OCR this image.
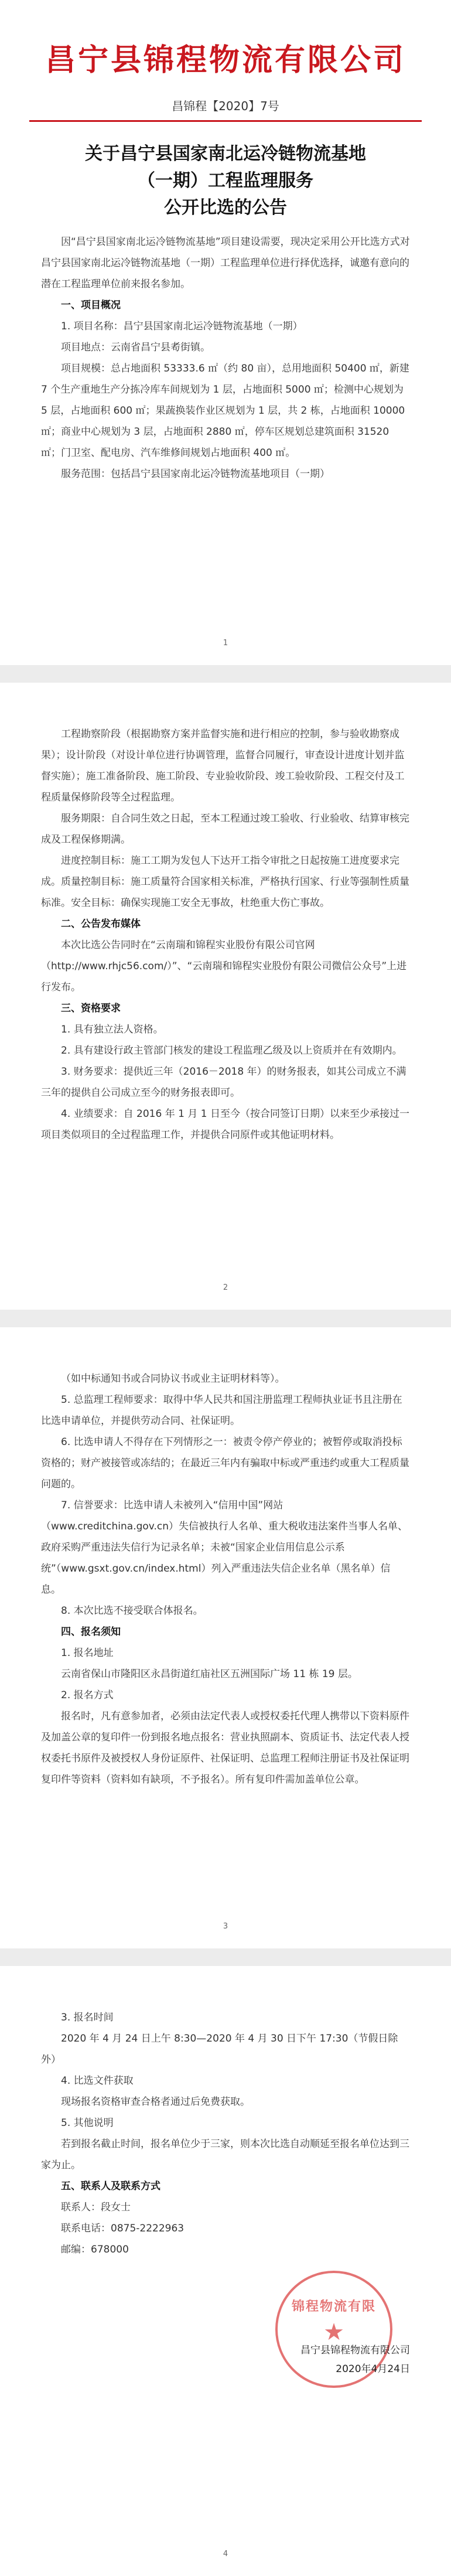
昌宁县锦程物流有限公司
昌锦程【2020】7号
关于昌宁县国家南北运冷链物流基地
（一期）工程监理服务
公开比选的公告

因“昌宁县国家南北运冷链物流基地”项目建设需要，现决定采用公开比选方式对昌宁县国家南北运冷链物流基地（一期）工程监理单位进行择优选择，诚邀有意向的潜在工程监理单位前来报名参加。

一、项目概况

1. 项目名称：昌宁县国家南北运冷链物流基地（一期）

项目地点：云南省昌宁县耇街镇。

项目规模：总占地面积 53333.6 ㎡（约 80 亩），总用地面积 50400 ㎡，新建 7 个生产重地生产分拣冷库车间规划为 1 层，占地面积 5000 ㎡；检测中心规划为 5 层，占地面积 600 ㎡；果蔬换装作业区规划为 1 层，共 2 栋，占地面积 10000 ㎡；商业中心规划为 3 层，占地面积 2880 ㎡，停车区规划总建筑面积 31520 ㎡；门卫室、配电房、汽车维修间规划占地面积 400 ㎡。

服务范围：包括昌宁县国家南北运冷链物流基地项目（一期）

1

工程勘察阶段（根据勘察方案并监督实施和进行相应的控制，参与验收勘察成果）；设计阶段（对设计单位进行协调管理，监督合同履行，审查设计进度计划并监督实施）；施工准备阶段、施工阶段、专业验收阶段、竣工验收阶段、工程交付及工程质量保修阶段等全过程监理。

服务期限：自合同生效之日起，至本工程通过竣工验收、行业验收、结算审核完成及工程保修期满。

进度控制目标：施工工期为发包人下达开工指令审批之日起按施工进度要求完成。质量控制目标：施工质量符合国家相关标准，严格执行国家、行业等强制性质量标准。安全目标：确保实现施工安全无事故，杜绝重大伤亡事故。

二、公告发布媒体

本次比选公告同时在“云南瑞和锦程实业股份有限公司官网（http://www.rhjc56.com/）”、“云南瑞和锦程实业股份有限公司微信公众号”上进行发布。

三、资格要求

1. 具有独立法人资格。

2. 具有建设行政主管部门核发的建设工程监理乙级及以上资质并在有效期内。

3. 财务要求：提供近三年（2016－2018 年）的财务报表，如其公司成立不满三年的提供自公司成立至今的财务报表即可。

4. 业绩要求：自 2016 年 1 月 1 日至今（按合同签订日期）以来至少承接过一项目类似项目的全过程监理工作，并提供合同原件或其他证明材料。

2

（如中标通知书或合同协议书或业主证明材料等）。

5. 总监理工程师要求：取得中华人民共和国注册监理工程师执业证书且注册在比选申请单位，并提供劳动合同、社保证明。

6. 比选申请人不得存在下列情形之一：被责令停产停业的；被暂停或取消投标资格的；财产被接管或冻结的；在最近三年内有骗取中标或严重违约或重大工程质量问题的。

7. 信誉要求：比选申请人未被列入“信用中国”网站（www.creditchina.gov.cn）失信被执行人名单、重大税收违法案件当事人名单、政府采购严重违法失信行为记录名单；未被“国家企业信用信息公示系统”（www.gsxt.gov.cn/index.html）列入严重违法失信企业名单（黑名单）信息。

8. 本次比选不接受联合体报名。

四、报名须知

1. 报名地址

云南省保山市隆阳区永昌街道红庙社区五洲国际广场 11 栋 19 层。

2. 报名方式

报名时，凡有意参加者，必须由法定代表人或授权委托代理人携带以下资料原件及加盖公章的复印件一份到报名地点报名：营业执照副本、资质证书、法定代表人授权委托书原件及被授权人身份证原件、社保证明、总监理工程师注册证书及社保证明复印件等资料（资料如有缺项，不予报名）。所有复印件需加盖单位公章。

3

3. 报名时间

2020 年 4 月 24 日上午 8:30—2020 年 4 月 30 日下午 17:30（节假日除外）

4. 比选文件获取

现场报名资格审查合格者通过后免费获取。

5. 其他说明

若到报名截止时间，报名单位少于三家，则本次比选自动顺延至报名单位达到三家为止。

五、联系人及联系方式

联系人：段女士

联系电话：0875-2222963

邮编：678000

锦程物流有限
★
昌宁县锦程物流有限公司
2020年4月24日
4
